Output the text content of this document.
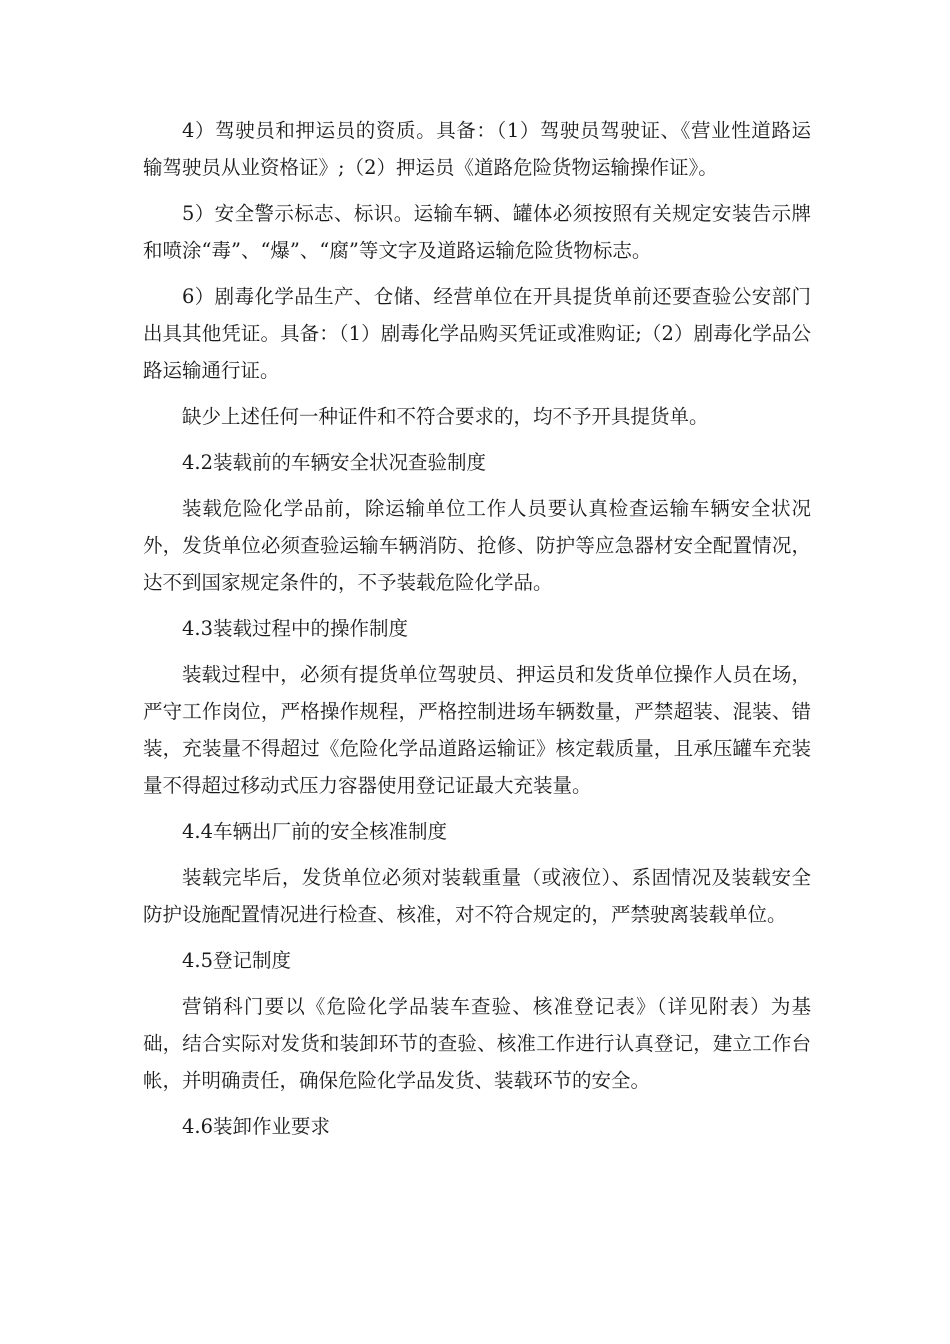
4）驾驶员和押运员的资质。具备：（1）驾驶员驾驶证、《营业性道路运输驾驶员从业资格证》;（2）押运员《道路危险货物运输操作证》。

5）安全警示标志、标识。运输车辆、罐体必须按照有关规定安装告示牌和喷涂“毒”、“爆”、“腐”等文字及道路运输危险货物标志。

6）剧毒化学品生产、仓储、经营单位在开具提货单前还要查验公安部门出具其他凭证。具备：（1）剧毒化学品购买凭证或准购证;（2）剧毒化学品公路运输通行证。

缺少上述任何一种证件和不符合要求的，均不予开具提货单。

4.2装载前的车辆安全状况查验制度

装载危险化学品前，除运输单位工作人员要认真检查运输车辆安全状况外，发货单位必须查验运输车辆消防、抢修、防护等应急器材安全配置情况，达不到国家规定条件的，不予装载危险化学品。

4.3装载过程中的操作制度

装载过程中，必须有提货单位驾驶员、押运员和发货单位操作人员在场，严守工作岗位，严格操作规程，严格控制进场车辆数量，严禁超装、混装、错装，充装量不得超过《危险化学品道路运输证》核定载质量，且承压罐车充装量不得超过移动式压力容器使用登记证最大充装量。

4.4车辆出厂前的安全核准制度

装载完毕后，发货单位必须对装载重量（或液位）、系固情况及装载安全防护设施配置情况进行检查、核准，对不符合规定的，严禁驶离装载单位。

4.5登记制度

营销科门要以《危险化学品装车查验、核准登记表》（详见附表）为基础，结合实际对发货和装卸环节的查验、核准工作进行认真登记，建立工作台帐，并明确责任，确保危险化学品发货、装载环节的安全。

4.6装卸作业要求
